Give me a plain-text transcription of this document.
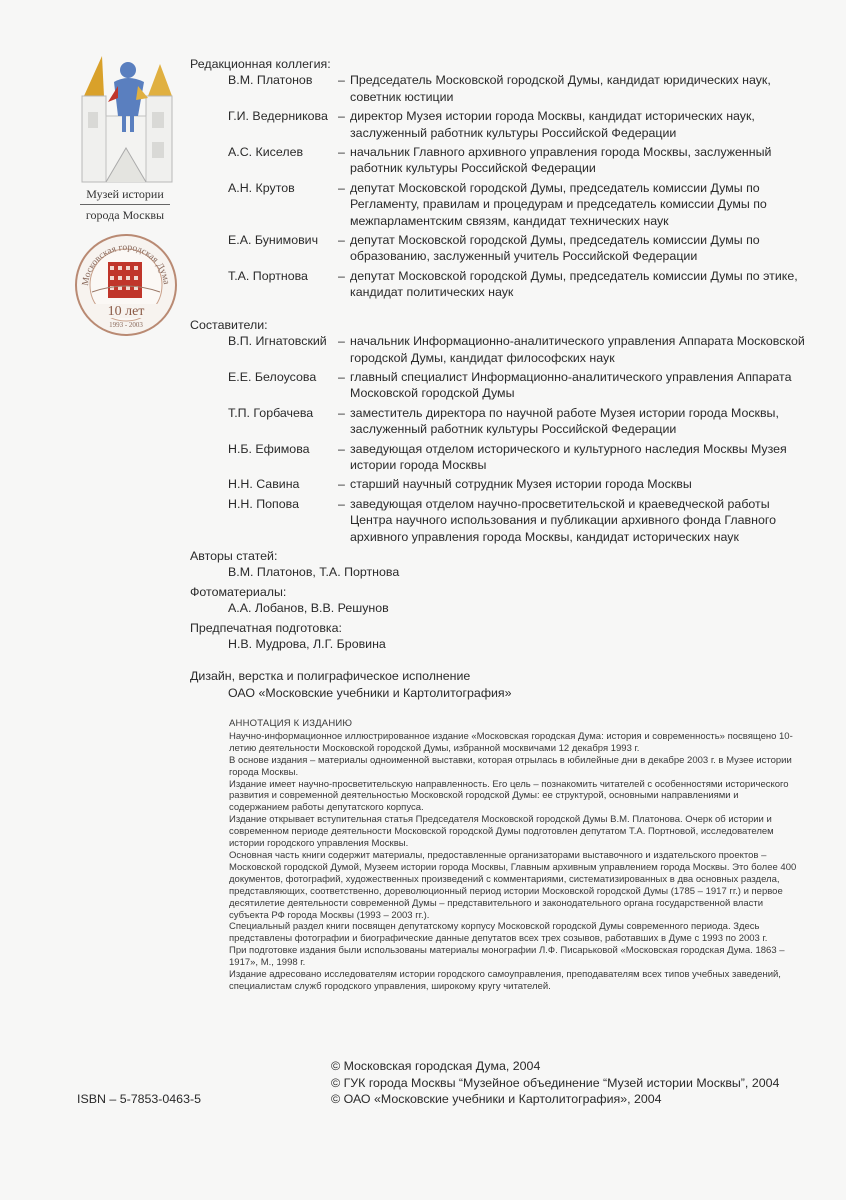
Музей истории
города Москвы
Московская городская Дума
10 лет
1993 - 2003
Редакционная коллегия:
В.М. Платонов	– Председатель Московской городской Думы, кандидат юридических наук, советник юстиции
Г.И. Ведерникова – директор Музея истории города Москвы, кандидат исторических наук, заслуженный работник культуры Российской Федерации
А.С. Киселев	– начальник Главного архивного управления города Москвы, заслуженный работник культуры Российской Федерации
А.Н. Крутов	– депутат Московской городской Думы, председатель комиссии Думы по Регламенту, правилам и процедурам и председатель комиссии Думы по межпарламентским связям, кандидат технических наук
Е.А. Бунимович	– депутат Московской городской Думы, председатель комиссии Думы по образованию, заслуженный учитель Российской Федерации
Т.А. Портнова	– депутат Московской городской Думы, председатель комиссии Думы по этике, кандидат политических наук
Составители:
В.П. Игнатовский – начальник Информационно-аналитического управления Аппарата Московской городской Думы, кандидат философских наук
Е.Е. Белоусова	– главный специалист Информационно-аналитического управления Аппарата Московской городской Думы
Т.П. Горбачева	– заместитель директора по научной работе Музея истории города Москвы, заслуженный работник культуры Российской Федерации
Н.Б. Ефимова	– заведующая отделом исторического и культурного наследия Москвы Музея истории города Москвы
Н.Н. Савина	– старший научный сотрудник Музея истории города Москвы
Н.Н. Попова	– заведующая отделом научно-просветительской и краеведческой работы Центра научного использования и публикации архивного фонда Главного архивного управления города Москвы, кандидат исторических наук
Авторы статей:
В.М. Платонов, Т.А. Портнова
Фотоматериалы:
А.А. Лобанов, В.В. Решунов
Предпечатная подготовка:
Н.В. Мудрова, Л.Г. Бровина
Дизайн, верстка и полиграфическое исполнение
ОАО «Московские учебники и Картолитография»
АННОТАЦИЯ К ИЗДАНИЮ

Научно-информационное иллюстрированное издание «Московская городская Дума: история и современность» посвящено 10-летию деятельности Московской городской Думы, избранной москвичами 12 декабря 1993 г.

В основе издания – материалы одноименной выставки, которая отрылась в юбилейные дни в декабре 2003 г. в Музее истории города Москвы.

Издание имеет научно-просветительскую направленность. Его цель – познакомить читателей с особенностями исторического развития и современной деятельностью Московской городской Думы: ее структурой, основными направлениями и содержанием работы депутатского корпуса.

Издание открывает вступительная статья Председателя Московской городской Думы В.М. Платонова. Очерк об истории и современном периоде деятельности Московской городской Думы подготовлен депутатом Т.А. Портновой, исследователем истории городского управления Москвы.

Основная часть книги содержит материалы, предоставленные организаторами выставочного и издательского проектов – Московской городской Думой, Музеем истории города Москвы, Главным архивным управлением города Москвы. Это более 400 документов, фотографий, художественных произведений с комментариями, систематизированных в два основных раздела, представляющих, соответственно, дореволюционный период истории Московской городской Думы (1785 – 1917 гг.) и первое десятилетие деятельности современной Думы – представительного и законодательного органа государственной власти субъекта РФ города Москвы (1993 – 2003 гг.).

Специальный раздел книги посвящен депутатскому корпусу Московской городской Думы современного периода. Здесь представлены фотографии и биографические данные депутатов всех трех созывов, работавших в Думе с 1993 по 2003 г.

При подготовке издания были использованы материалы монографии Л.Ф. Писарьковой «Московская городская Дума. 1863 – 1917», М., 1998 г.

Издание адресовано исследователям истории городского самоуправления, преподавателям всех типов учебных заведений, специалистам служб городского управления, широкому кругу читателей.

© Московская городская Дума, 2004
© ГУК города Москвы “Музейное объединение “Музей истории Москвы”, 2004
© ОАО «Московские учебники и Картолитография», 2004
ISBN – 5-7853-0463-5
